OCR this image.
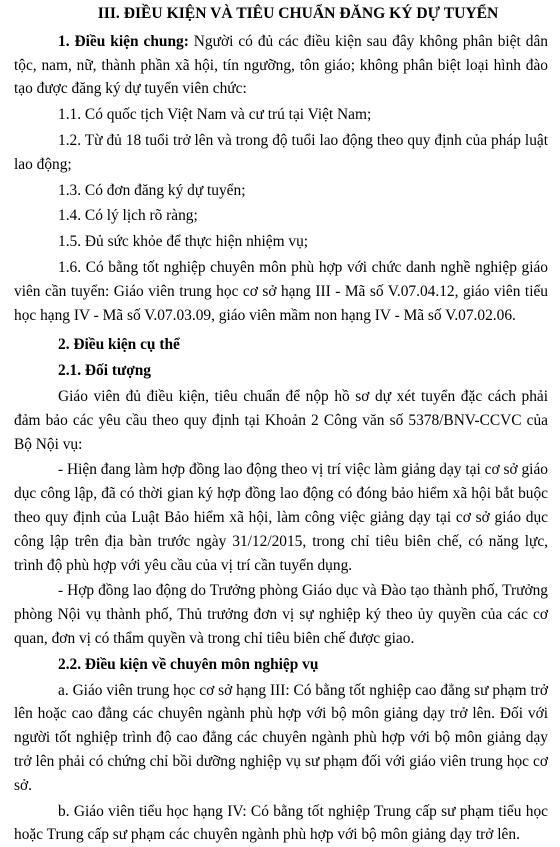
III. ĐIỀU KIỆN VÀ TIÊU CHUẨN ĐĂNG KÝ DỰ TUYỂN

1. Điều kiện chung: Người có đủ các điều kiện sau đây không phân biệt dân tộc, nam, nữ, thành phần xã hội, tín ngưỡng, tôn giáo; không phân biệt loại hình đào tạo được đăng ký dự tuyển viên chức:

1.1. Có quốc tịch Việt Nam và cư trú tại Việt Nam;

1.2. Từ đủ 18 tuổi trở lên và trong độ tuổi lao động theo quy định của pháp luật lao động;

1.3. Có đơn đăng ký dự tuyển;

1.4. Có lý lịch rõ ràng;

1.5. Đủ sức khỏe để thực hiện nhiệm vụ;

1.6. Có bằng tốt nghiệp chuyên môn phù hợp với chức danh nghề nghiệp giáo viên cần tuyển: Giáo viên trung học cơ sở hạng III - Mã số V.07.04.12, giáo viên tiểu học hạng IV - Mã số V.07.03.09, giáo viên mầm non hạng IV - Mã số V.07.02.06.

2. Điều kiện cụ thể

2.1. Đối tượng

Giáo viên đủ điều kiện, tiêu chuẩn để nộp hồ sơ dự xét tuyển đặc cách phải đảm bảo các yêu cầu theo quy định tại Khoản 2 Công văn số 5378/BNV-CCVC của Bộ Nội vụ:

- Hiện đang làm hợp đồng lao động theo vị trí việc làm giảng dạy tại cơ sở giáo dục công lập, đã có thời gian ký hợp đồng lao động có đóng bảo hiểm xã hội bắt buộc theo quy định của Luật Bảo hiểm xã hội, làm công việc giảng dạy tại cơ sở giáo dục công lập trên địa bàn trước ngày 31/12/2015, trong chỉ tiêu biên chế, có năng lực, trình độ phù hợp với yêu cầu của vị trí cần tuyển dụng.

- Hợp đồng lao động do Trưởng phòng Giáo dục và Đào tạo thành phố, Trưởng phòng Nội vụ thành phố, Thủ trưởng đơn vị sự nghiệp ký theo ủy quyền của các cơ quan, đơn vị có thẩm quyền và trong chỉ tiêu biên chế được giao.

2.2. Điều kiện về chuyên môn nghiệp vụ

a. Giáo viên trung học cơ sở hạng III: Có bằng tốt nghiệp cao đẳng sư phạm trở lên hoặc cao đẳng các chuyên ngành phù hợp với bộ môn giảng dạy trở lên. Đối với người tốt nghiệp trình độ cao đẳng các chuyên ngành phù hợp với bộ môn giảng dạy trở lên phải có chứng chỉ bồi dưỡng nghiệp vụ sư phạm đối với giáo viên trung học cơ sở.

b. Giáo viên tiểu học hạng IV: Có bằng tốt nghiệp Trung cấp sư phạm tiểu học hoặc Trung cấp sư phạm các chuyên ngành phù hợp với bộ môn giảng dạy trở lên.
